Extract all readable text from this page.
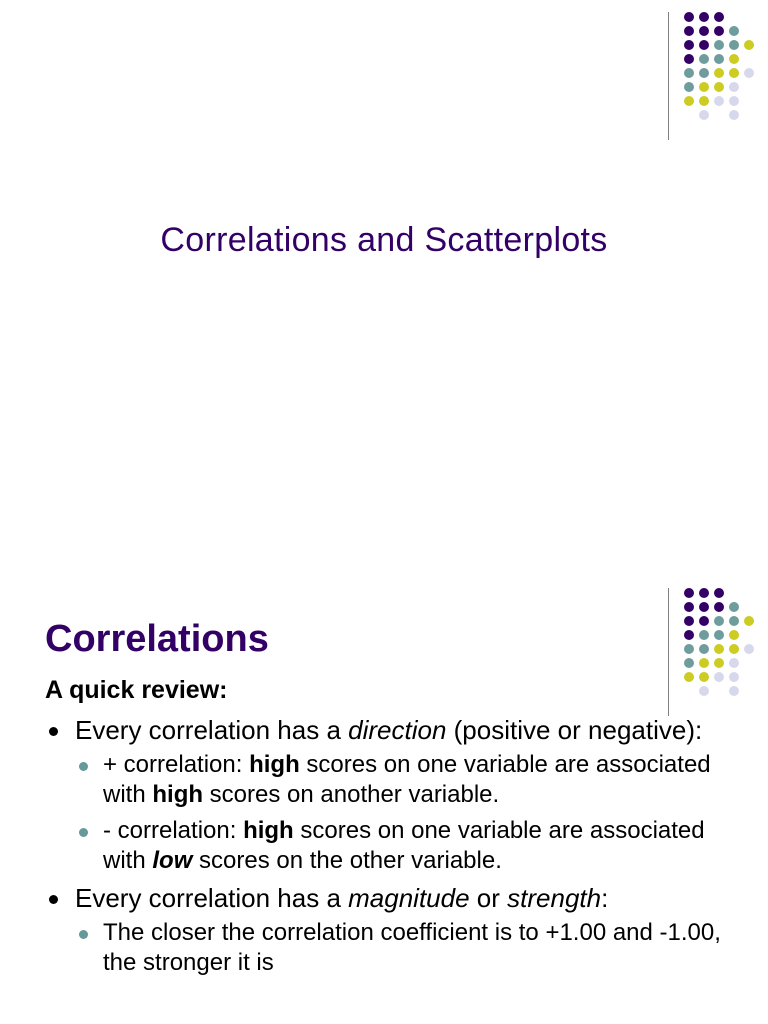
Correlations and Scatterplots
Correlations
A quick review:
Every correlation has a direction (positive or negative):
+ correlation: high scores on one variable are associated with high scores on another variable.
- correlation: high scores on one variable are associated with low scores on the other variable.
Every correlation has a magnitude or strength:
The closer the correlation coefficient is to +1.00 and -1.00, the stronger it is
